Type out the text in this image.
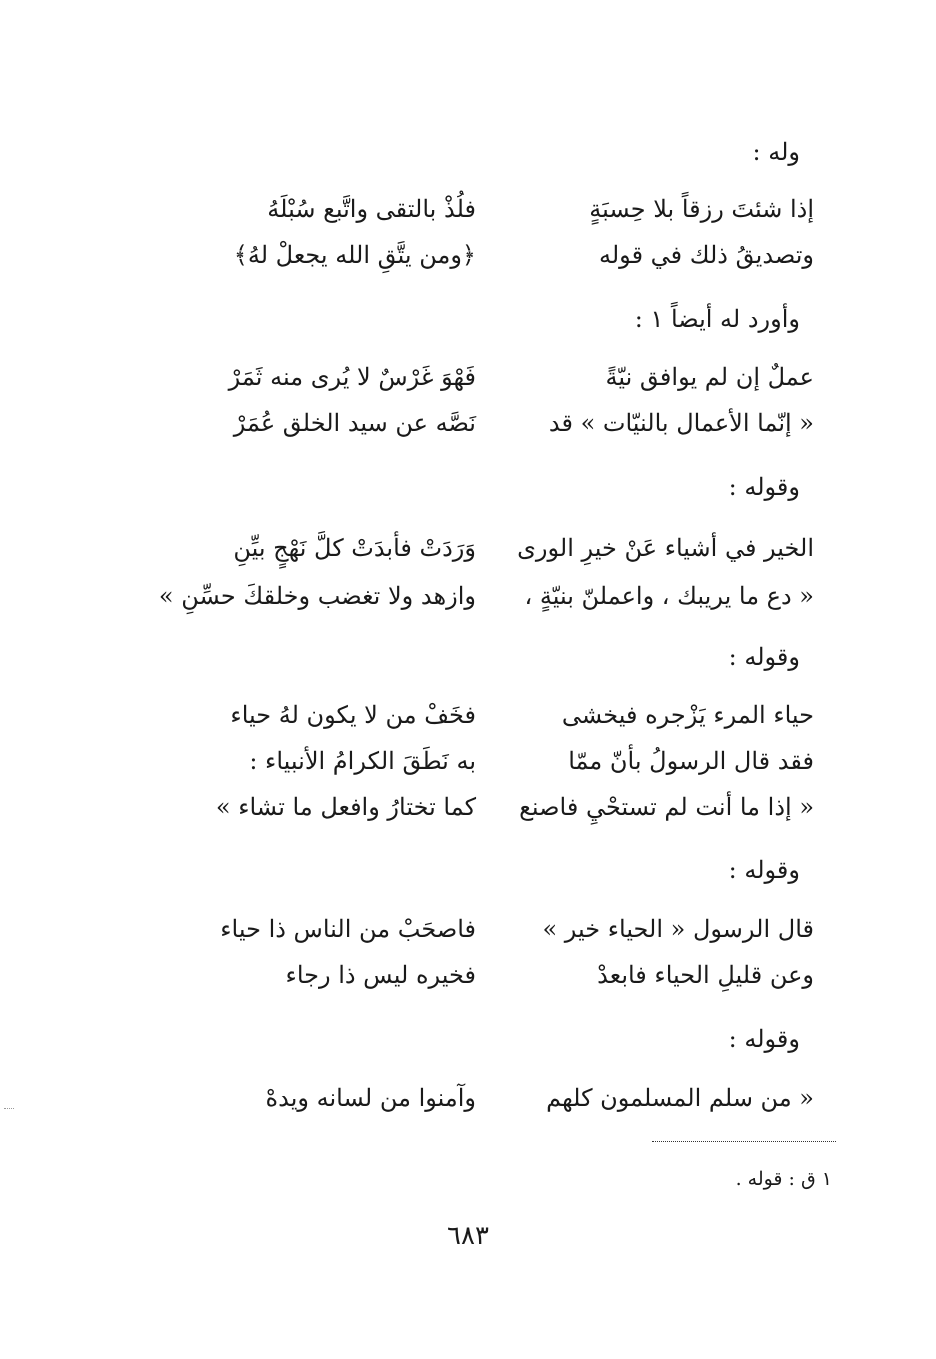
وله :
إذا شئتَ رزقاً بلا حِسبَةٍ
فلُذْ بالتقى واتَّبع سُبْلَهُ
وتصديقُ ذلك في قوله
﴿ومن يتَّقِ الله يجعلْ لهُ﴾
وأورد له أيضاً ١ :
عملٌ إن لم يوافق نيّةً
فَهْوَ غَرْسٌ لا يُرى منه ثَمَرْ
« إنّما الأعمال بالنيّات » قد
نَصَّه عن سيد الخلق عُمَرْ
وقوله :
الخير في أشياء عَنْ خيرِ الورى
وَرَدَتْ فأبدَتْ كلَّ نَهْجٍ بيِّنِ
« دع ما يريبك ، واعملنّ بنيّةٍ ،
وازهد ولا تغضب وخلقكَ حسِّنِ »
وقوله :
حياء المرء يَزْجره فيخشى
فخَفْ من لا يكون لهُ حياء
فقد قال الرسولُ بأنّ ممّا
به نَطَقَ الكرامُ الأنبياء :
« إذا ما أنت لم تستحْيِ فاصنع
كما تختارُ وافعل ما تشاء »
وقوله :
قال الرسول « الحياء خير »
فاصحَبْ من الناس ذا حياء
وعن قليلِ الحياء فابعدْ
فخيره ليس ذا رجاء
وقوله :
« من سلم المسلمون كلهم
وآمنوا من لسانه ويدهْ
١ ق : قوله .
٦٨٣
